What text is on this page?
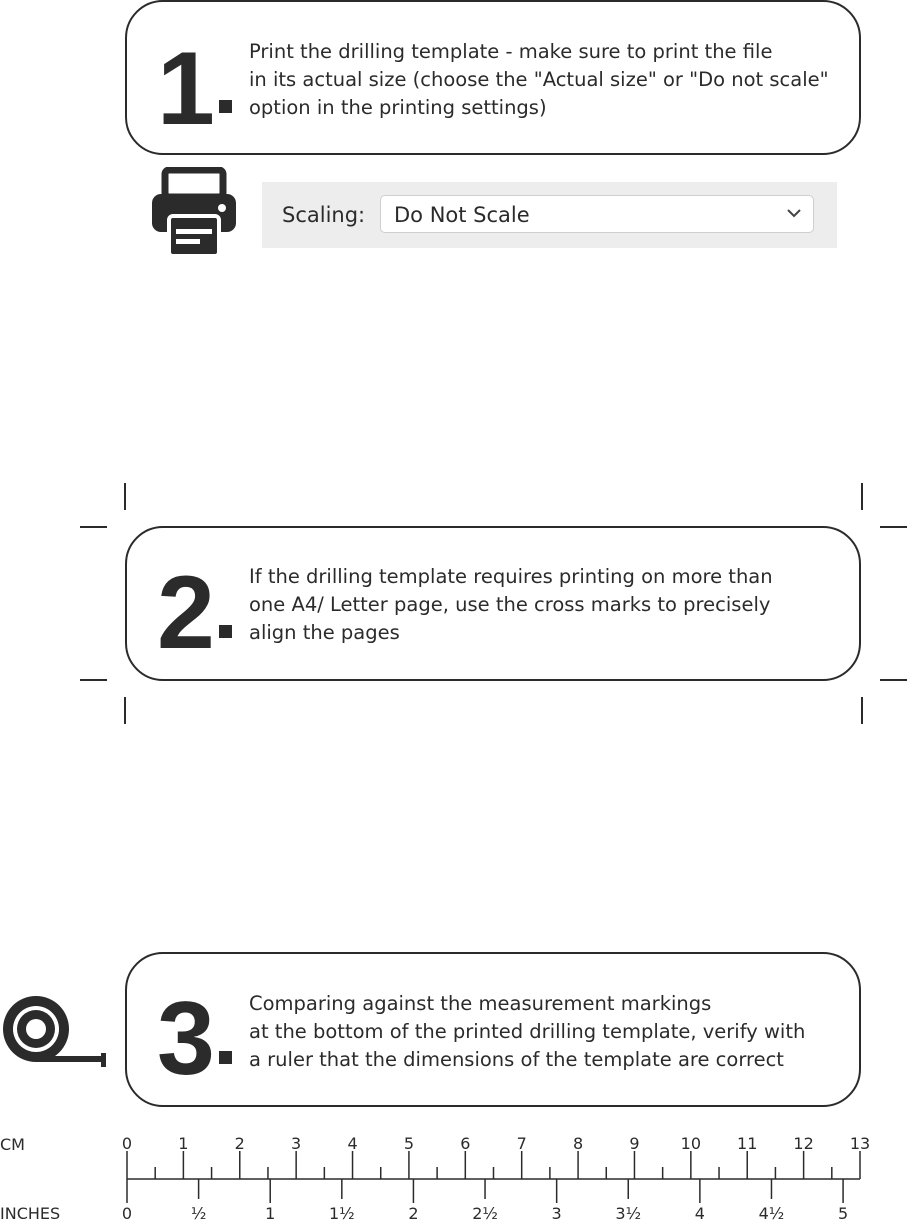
1 Print the drilling template - make sure to print the file
in its actual size (choose the "Actual size" or "Do not scale"
option in the printing settings)
Scaling: Do Not Scale
2 If the drilling template requires printing on more than
one A4/ Letter page, use the cross marks to precisely
align the pages
3 Comparing against the measurement markings
at the bottom of the printed drilling template, verify with
a ruler that the dimensions of the template are correct
CM
INCHES
0	1	2	3	4	5	6	7	8	9	10 11 12 13
0	½	1	1½	2	2½	3	3½	4	4½	5
